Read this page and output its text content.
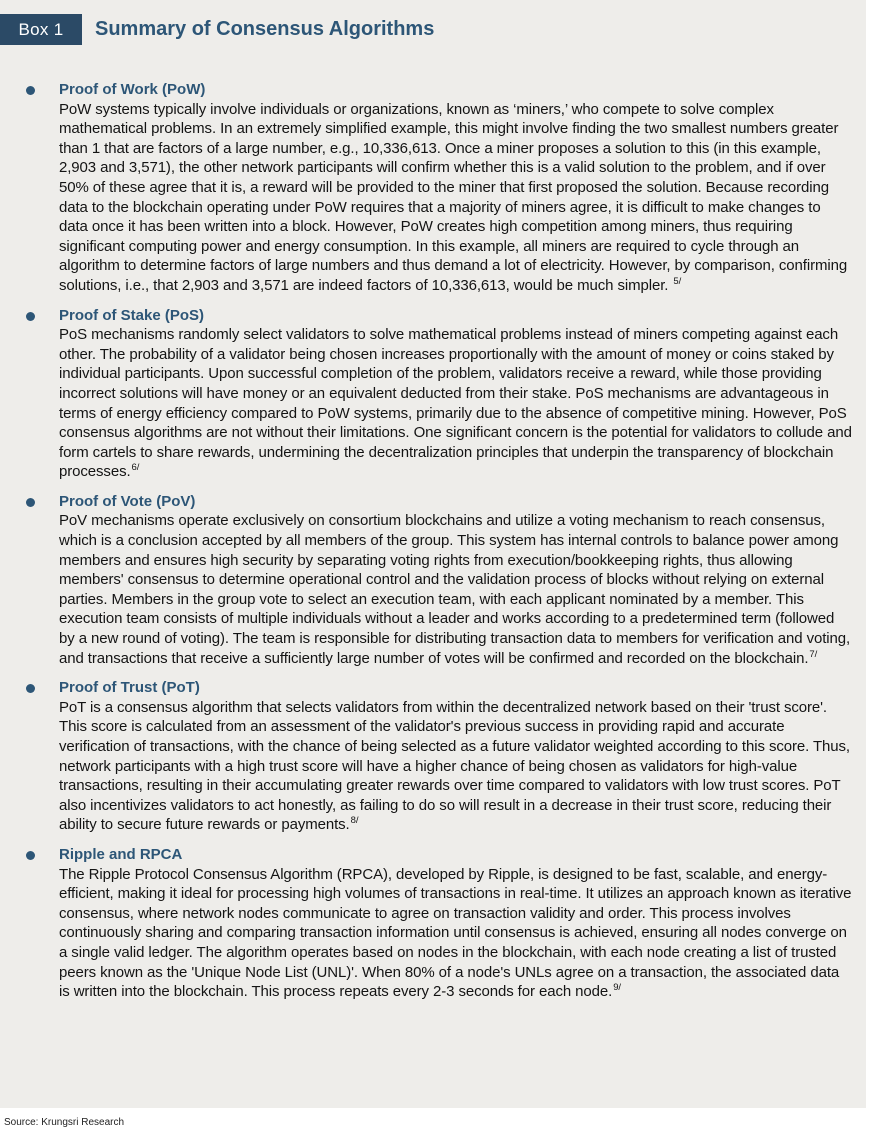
Box 1	Summary of Consensus Algorithms

Proof of Work (PoW)

PoW systems typically involve individuals or organizations, known as ‘miners,’ who compete to solve complex mathematical problems. In an extremely simplified example, this might involve finding the two smallest numbers greater than 1 that are factors of a large number, e.g., 10,336,613. Once a miner proposes a solution to this (in this example, 2,903 and 3,571), the other network participants will confirm whether this is a valid solution to the problem, and if over 50% of these agree that it is, a reward will be provided to the miner that first proposed the solution. Because recording data to the blockchain operating under PoW requires that a majority of miners agree, it is difficult to make changes to data once it has been written into a block. However, PoW creates high competition among miners, thus requiring significant computing power and energy consumption. In this example, all miners are required to cycle through an algorithm to determine factors of large numbers and thus demand a lot of electricity. However, by comparison, confirming solutions, i.e., that 2,903 and 3,571 are indeed factors of 10,336,613, would be much simpler. $^{5/}$

Proof of Stake (PoS)

PoS mechanisms randomly select validators to solve mathematical problems instead of miners competing against each other. The probability of a validator being chosen increases proportionally with the amount of money or coins staked by individual participants. Upon successful completion of the problem, validators receive a reward, while those providing incorrect solutions will have money or an equivalent deducted from their stake. PoS mechanisms are advantageous in terms of energy efficiency compared to PoW systems, primarily due to the absence of competitive mining. However, PoS consensus algorithms are not without their limitations. One significant concern is the potential for validators to collude and form cartels to share rewards, undermining the decentralization principles that underpin the transparency of blockchain processes.$^{6/}$

Proof of Vote (PoV)

PoV mechanisms operate exclusively on consortium blockchains and utilize a voting mechanism to reach consensus, which is a conclusion accepted by all members of the group. This system has internal controls to balance power among members and ensures high security by separating voting rights from execution/bookkeeping rights, thus allowing members' consensus to determine operational control and the validation process of blocks without relying on external parties. Members in the group vote to select an execution team, with each applicant nominated by a member. This execution team consists of multiple individuals without a leader and works according to a predetermined term (followed by a new round of voting). The team is responsible for distributing transaction data to members for verification and voting, and transactions that receive a sufficiently large number of votes will be confirmed and recorded on the blockchain.$^{7/}$

Proof of Trust (PoT)

PoT is a consensus algorithm that selects validators from within the decentralized network based on their 'trust score'. This score is calculated from an assessment of the validator's previous success in providing rapid and accurate verification of transactions, with the chance of being selected as a future validator weighted according to this score. Thus, network participants with a high trust score will have a higher chance of being chosen as validators for high-value transactions, resulting in their accumulating greater rewards over time compared to validators with low trust scores. PoT also incentivizes validators to act honestly, as failing to do so will result in a decrease in their trust score, reducing their ability to secure future rewards or payments.$^{8/}$

Ripple and RPCA

The Ripple Protocol Consensus Algorithm (RPCA), developed by Ripple, is designed to be fast, scalable, and energy-efficient, making it ideal for processing high volumes of transactions in real-time. It utilizes an approach known as iterative consensus, where network nodes communicate to agree on transaction validity and order. This process involves continuously sharing and comparing transaction information until consensus is achieved, ensuring all nodes converge on a single valid ledger. The algorithm operates based on nodes in the blockchain, with each node creating a list of trusted peers known as the 'Unique Node List (UNL)'. When 80% of a node's UNLs agree on a transaction, the associated data is written into the blockchain. This process repeats every 2-3 seconds for each node.$^{9/}$

Source: Krungsri Research
